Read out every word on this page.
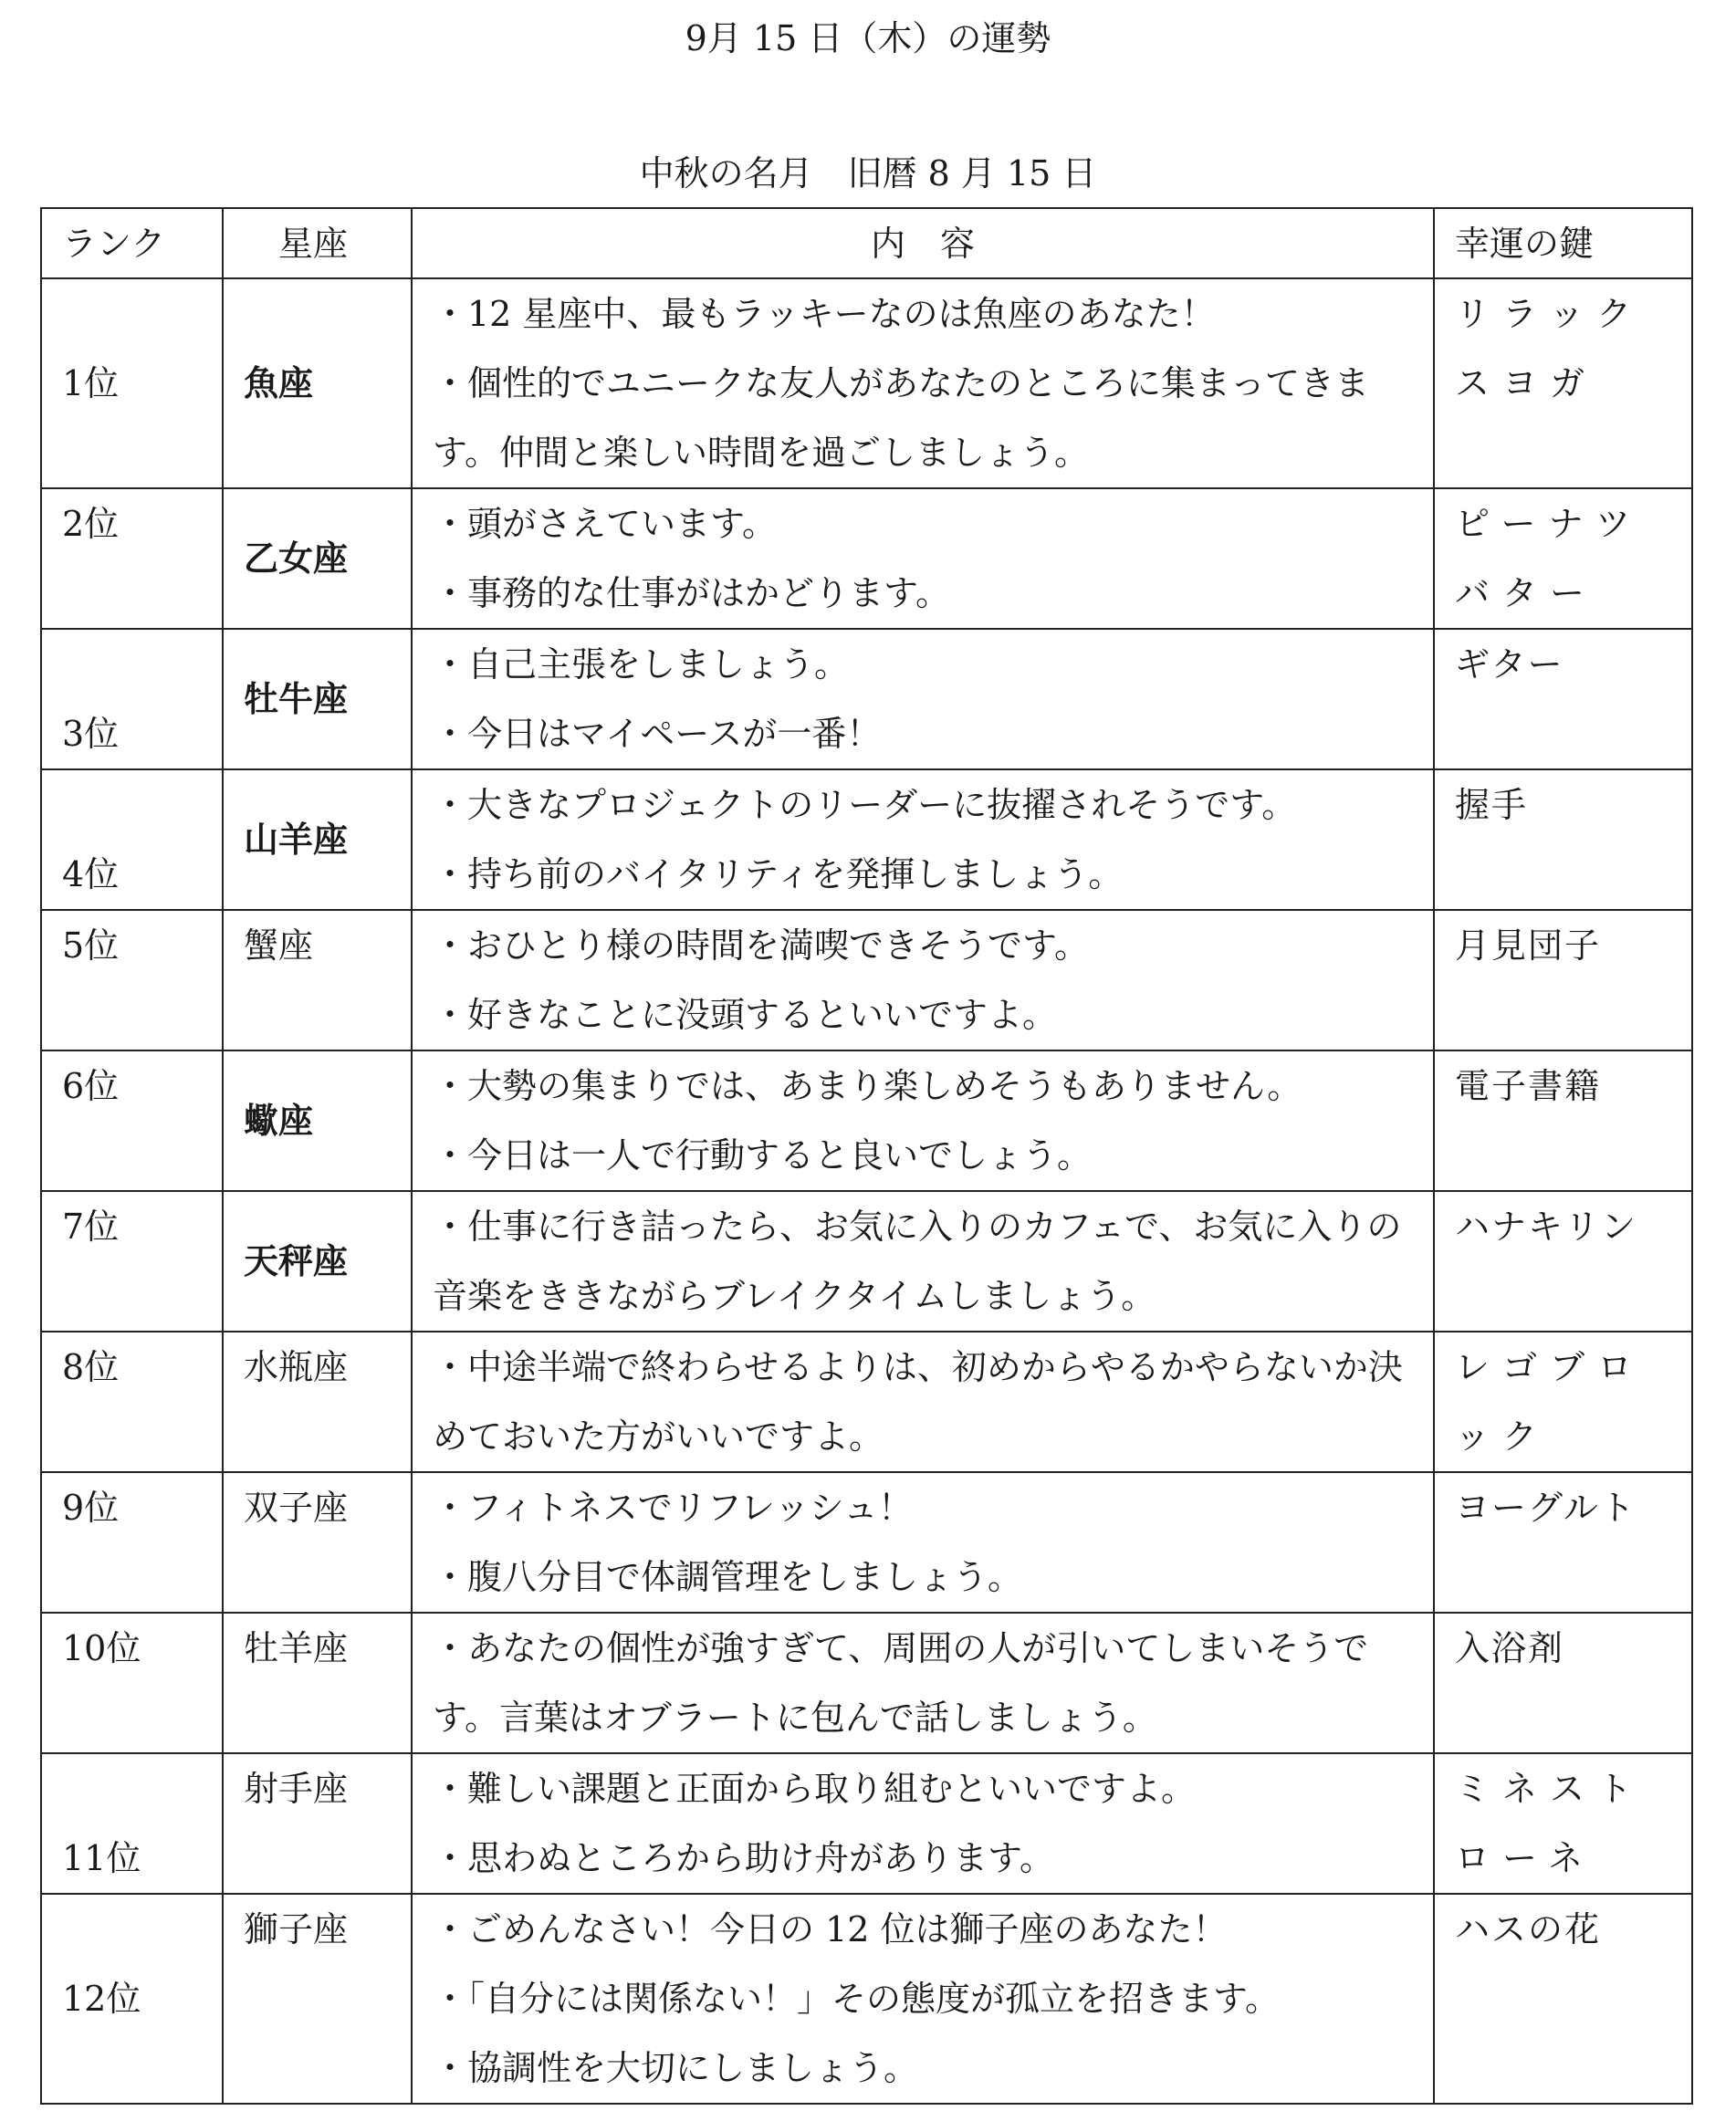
9月 15 日（木）の運勢
中秋の名月　旧暦 8 月 15 日
ランク	星座	内　容	幸運の鍵
1位	魚座	・12 星座中、最もラッキーなのは魚座のあなた！
・個性的でユニークな友人があなたのところに集まってきます。仲間と楽しい時間を過ごしましょう。	リラックスヨガ
2位	乙女座	・頭がさえています。
・事務的な仕事がはかどります。	ピーナツバター
3位	牡牛座	・自己主張をしましょう。
・今日はマイペースが一番！	ギター
4位	山羊座	・大きなプロジェクトのリーダーに抜擢されそうです。
・持ち前のバイタリティを発揮しましょう。	握手
5位	蟹座	・おひとり様の時間を満喫できそうです。
・好きなことに没頭するといいですよ。	月見団子
6位	蠍座	・大勢の集まりでは、あまり楽しめそうもありません。
・今日は一人で行動すると良いでしょう。	電子書籍
7位	天秤座	・仕事に行き詰ったら、お気に入りのカフェで、お気に入りの音楽をききながらブレイクタイムしましょう。	ハナキリン
8位	水瓶座	・中途半端で終わらせるよりは、初めからやるかやらないか決めておいた方がいいですよ。	レゴブロック
9位	双子座	・フィトネスでリフレッシュ！
・腹八分目で体調管理をしましょう。	ヨーグルト
10位	牡羊座	・あなたの個性が強すぎて、周囲の人が引いてしまいそうです。言葉はオブラートに包んで話しましょう。	入浴剤
11位	射手座	・難しい課題と正面から取り組むといいですよ。
・思わぬところから助け舟があります。	ミネストローネ
12位	獅子座	・ごめんなさい！今日の 12 位は獅子座のあなた！
・「自分には関係ない！」その態度が孤立を招きます。
・協調性を大切にしましょう。	ハスの花
